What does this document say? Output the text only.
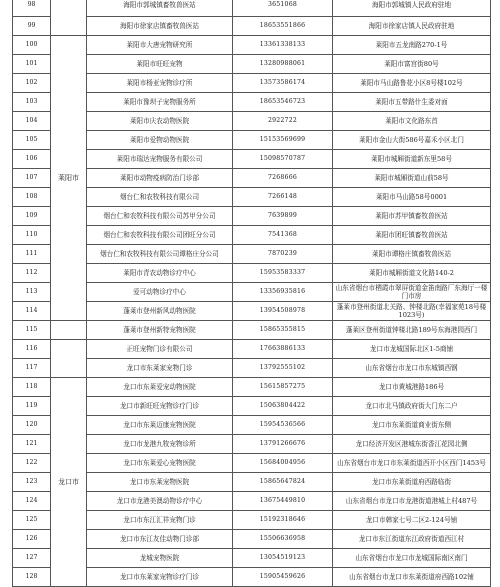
98		海阳市郭城镇畜牧兽医站	3651068	海阳市郭城镇人民政府驻地
99		海阳市徐家店镇畜牧兽医站	18653551866	海阳市徐家店镇人民政府驻地
100	莱阳市	莱阳市大唐宠物研究所	13361338133	莱阳市五龙南路270-1号
101		莱阳市旺旺宠物	13280988061	莱阳市富宫街80号
102		莱阳市杨亚宠物诊疗所	13573586174	莱阳市马山路鲁花小区8号楼102号
103		莱阳市豫坝子宠物服务所	18653546723	莱阳市五带路什生委对面
104		莱阳市庆农动物医院	2922722	莱阳市文化路东首
105		莱阳市爱物动物医院	15153569699	莱阳市金山大街586号嘉禾小区北门
106		莱阳市瑞达宠物服务有限公司	15098570787	莱阳市城厢街道新东里58号
107		莱阳市动物疫病防治门诊部	7268666	莱阳市城厢街道山前58号
108		烟台仁和农牧科技有限公司	7266148	莱阳市马山路58号0001
109		烟台仁和农牧科技有限公司苏甲分公司	7639899	莱阳市苏甲镇畜牧兽医站
110		烟台仁和农牧科技有限公司团旺分公司	7541368	莱阳市团旺镇畜牧兽医站
111		烟台仁和农牧科技有限公司谭格庄分公司	7870239	莱阳市谭格庄镇畜牧兽医站
112		莱阳市青农动物诊疗中心	15953583337	莱阳市城厢街道文化路140-2
113		爱可动物诊疗中心	13356935816	山东省烟台市栖霞市翠屏街道金笛南路厂东海厅一楼门市房
114		蓬莱市登州新风动物医院	13954508978	蓬莱市登州街道北关路、钟楼北路(幸福家苑18号楼1023号)
115		蓬莱市登州新特宠物医院	15865355815	蓬莱区登州街道钟楼北路189号东海港园西门
116		正旺宠物门诊有限公司	17663886133	龙口市龙城国际北区1-5商铺
117		龙口市东莱家宠物门诊	13792555102	山东省烟台市龙口市东城镇西钢
118	龙口市	龙口市东莱爱宠动物医院	15615857275	龙口市黄城港路186号
119		龙口市新旺旺宠物诊疗门诊	15063804422	龙口市北马镇政府街大门东二户
120		龙口市东莱迈康宠物医院	15954536566	龙口市东莱街道商业街东侧
121		龙口市龙港九牧宠物诊所	13791266676	龙口经济开发区港城东街香江花园北侧
122		龙口市东莱爱心宠物医院	15684004956	山东省烟台市龙口市东莱街道西开小区西门1453号
123		龙口市东莱宠物医院	15865647824	龙口市东莱街道府西路临街
124		龙口市龙港美澳动物诊疗中心	13675449810	山东省烟台市龙口市龙港街道港城上村487号
125		龙口市东江汇祥宠物门诊	15192318646	龙口市韩家七号二区2-124号铺
126		龙口市东江友佳动物门诊部	15506636958	龙口市东江街道东江政府街道西江村
127		龙城宠物医院	13054519123	山东省烟台市龙口市龙城国际南区南门
128		龙口市东莱家宠物诊疗门诊	15905459626	山东省烟台市龙口市东莱街道府西路102铺
